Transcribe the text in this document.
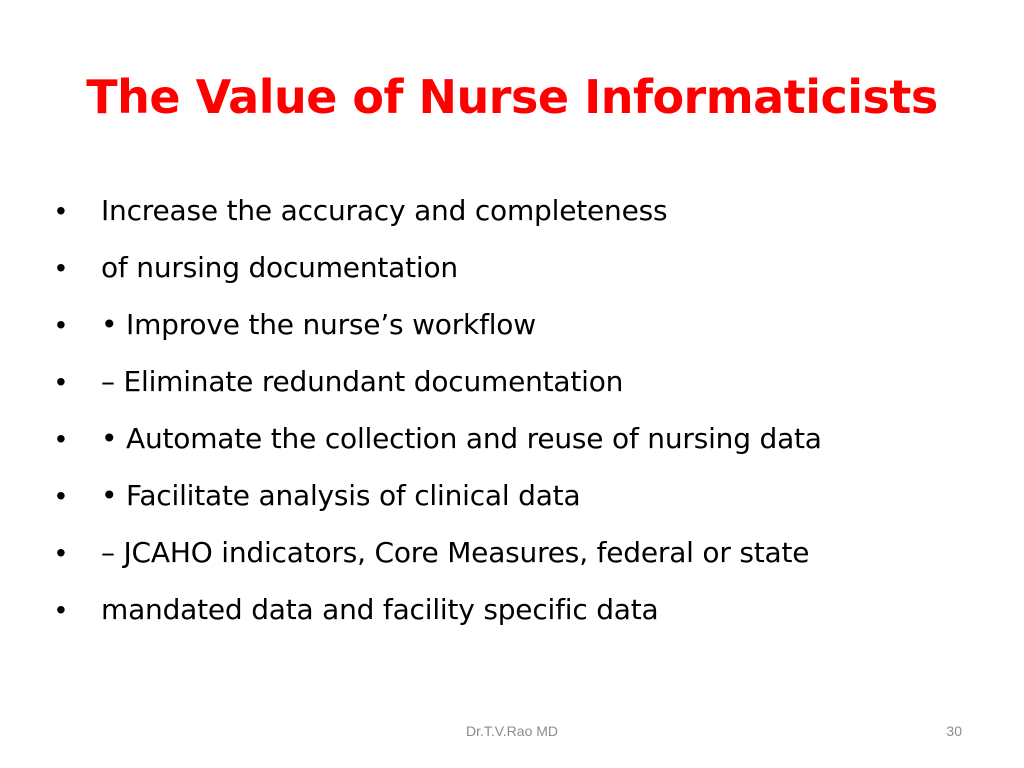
The Value of Nurse Informaticists
•	Increase the accuracy and completeness
•	of nursing documentation
•	• Improve the nurse’s workflow
•	– Eliminate redundant documentation
•	• Automate the collection and reuse of nursing data
•	• Facilitate analysis of clinical data
•	– JCAHO indicators, Core Measures, federal or state
•	mandated data and facility specific data
Dr.T.V.Rao MD	30
